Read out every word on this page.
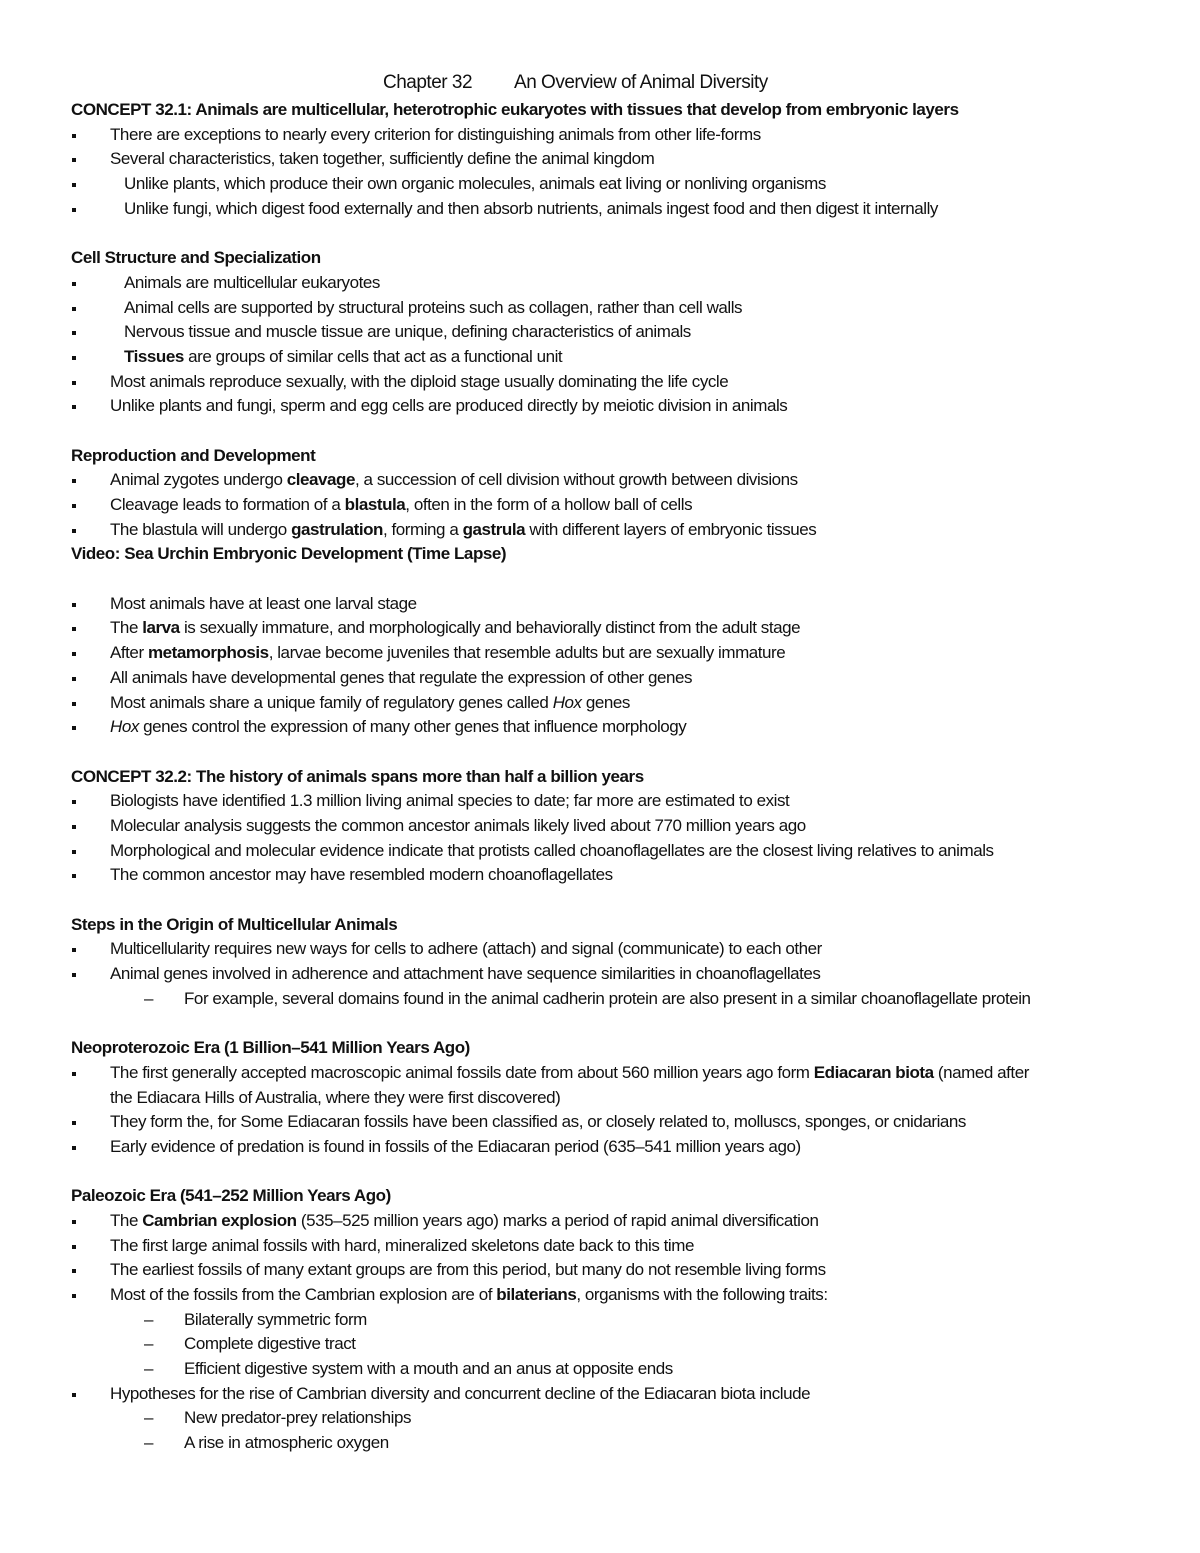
Chapter 32 An Overview of Animal Diversity
CONCEPT 32.1: Animals are multicellular, heterotrophic eukaryotes with tissues that develop from embryonic layers
There are exceptions to nearly every criterion for distinguishing animals from other life-forms
Several characteristics, taken together, sufficiently define the animal kingdom
Unlike plants, which produce their own organic molecules, animals eat living or nonliving organisms
Unlike fungi, which digest food externally and then absorb nutrients, animals ingest food and then digest it internally
Cell Structure and Specialization
Animals are multicellular eukaryotes
Animal cells are supported by structural proteins such as collagen, rather than cell walls
Nervous tissue and muscle tissue are unique, defining characteristics of animals
Tissues are groups of similar cells that act as a functional unit
Most animals reproduce sexually, with the diploid stage usually dominating the life cycle
Unlike plants and fungi, sperm and egg cells are produced directly by meiotic division in animals
Reproduction and Development
Animal zygotes undergo cleavage, a succession of cell division without growth between divisions
Cleavage leads to formation of a blastula, often in the form of a hollow ball of cells
The blastula will undergo gastrulation, forming a gastrula with different layers of embryonic tissues
Video: Sea Urchin Embryonic Development (Time Lapse)
Most animals have at least one larval stage
The larva is sexually immature, and morphologically and behaviorally distinct from the adult stage
After metamorphosis, larvae become juveniles that resemble adults but are sexually immature
All animals have developmental genes that regulate the expression of other genes
Most animals share a unique family of regulatory genes called Hox genes
Hox genes control the expression of many other genes that influence morphology
CONCEPT 32.2: The history of animals spans more than half a billion years
Biologists have identified 1.3 million living animal species to date; far more are estimated to exist
Molecular analysis suggests the common ancestor animals likely lived about 770 million years ago
Morphological and molecular evidence indicate that protists called choanoflagellates are the closest living relatives to animals
The common ancestor may have resembled modern choanoflagellates
Steps in the Origin of Multicellular Animals
Multicellularity requires new ways for cells to adhere (attach) and signal (communicate) to each other
Animal genes involved in adherence and attachment have sequence similarities in choanoflagellates
– For example, several domains found in the animal cadherin protein are also present in a similar choanoflagellate protein
Neoproterozoic Era (1 Billion–541 Million Years Ago)
The first generally accepted macroscopic animal fossils date from about 560 million years ago form Ediacaran biota (named after
the Ediacara Hills of Australia, where they were first discovered)
They form the, for Some Ediacaran fossils have been classified as, or closely related to, molluscs, sponges, or cnidarians
Early evidence of predation is found in fossils of the Ediacaran period (635–541 million years ago)
Paleozoic Era (541–252 Million Years Ago)
The Cambrian explosion (535–525 million years ago) marks a period of rapid animal diversification
The first large animal fossils with hard, mineralized skeletons date back to this time
The earliest fossils of many extant groups are from this period, but many do not resemble living forms
Most of the fossils from the Cambrian explosion are of bilaterians, organisms with the following traits:
– Bilaterally symmetric form
– Complete digestive tract
– Efficient digestive system with a mouth and an anus at opposite ends
Hypotheses for the rise of Cambrian diversity and concurrent decline of the Ediacaran biota include
– New predator-prey relationships
– A rise in atmospheric oxygen
